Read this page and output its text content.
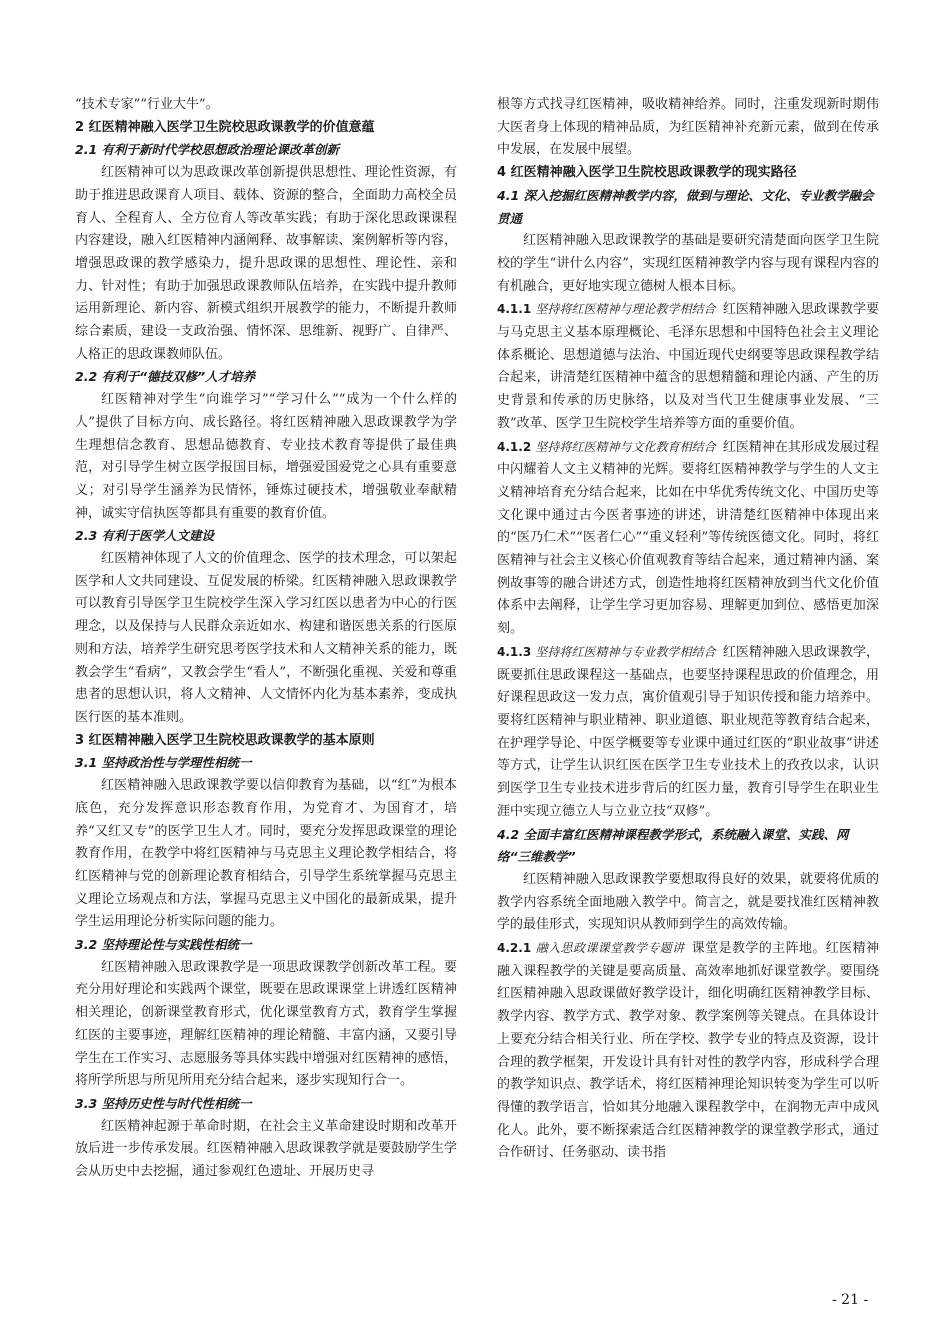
“技术专家”“行业大牛”。

2 红医精神融入医学卫生院校思政课教学的价值意蕴
2.1 有利于新时代学校思想政治理论课改革创新

红医精神可以为思政课改革创新提供思想性、理论性资源，有助于推进思政课育人项目、载体、资源的整合，全面助力高校全员育人、全程育人、全方位育人等改革实践；有助于深化思政课课程内容建设，融入红医精神内涵阐释、故事解读、案例解析等内容，增强思政课的教学感染力，提升思政课的思想性、理论性、亲和力、针对性；有助于加强思政课教师队伍培养，在实践中提升教师运用新理论、新内容、新模式组织开展教学的能力，不断提升教师综合素质，建设一支政治强、情怀深、思维新、视野广、自律严、人格正的思政课教师队伍。

2.2 有利于“德技双修”人才培养

红医精神对学生“向谁学习”“学习什么”“成为一个什么样的人”提供了目标方向、成长路径。将红医精神融入思政课教学为学生理想信念教育、思想品德教育、专业技术教育等提供了最佳典范，对引导学生树立医学报国目标，增强爱国爱党之心具有重要意义；对引导学生涵养为民情怀，锤炼过硬技术，增强敬业奉献精神，诚实守信执医等都具有重要的教育价值。

2.3 有利于医学人文建设

红医精神体现了人文的价值理念、医学的技术理念，可以架起医学和人文共同建设、互促发展的桥梁。红医精神融入思政课教学可以教育引导医学卫生院校学生深入学习红医以患者为中心的行医理念，以及保持与人民群众亲近如水、构建和谐医患关系的行医原则和方法，培养学生研究思考医学技术和人文精神关系的能力，既教会学生“看病”，又教会学生“看人”，不断强化重视、关爱和尊重患者的思想认识，将人文精神、人文情怀内化为基本素养，变成执医行医的基本准则。

3 红医精神融入医学卫生院校思政课教学的基本原则
3.1 坚持政治性与学理性相统一

红医精神融入思政课教学要以信仰教育为基础，以“红”为根本底色，充分发挥意识形态教育作用，为党育才、为国育才，培养“又红又专”的医学卫生人才。同时，要充分发挥思政课堂的理论教育作用，在教学中将红医精神与马克思主义理论教学相结合，将红医精神与党的创新理论教育相结合，引导学生系统掌握马克思主义理论立场观点和方法，掌握马克思主义中国化的最新成果，提升学生运用理论分析实际问题的能力。

3.2 坚持理论性与实践性相统一

红医精神融入思政课教学是一项思政课教学创新改革工程。要充分用好理论和实践两个课堂，既要在思政课课堂上讲透红医精神相关理论，创新课堂教育形式，优化课堂教育方式，教育学生掌握红医的主要事迹，理解红医精神的理论精髓、丰富内涵，又要引导学生在工作实习、志愿服务等具体实践中增强对红医精神的感悟，将所学所思与所见所用充分结合起来，逐步实现知行合一。

3.3 坚持历史性与时代性相统一

红医精神起源于革命时期，在社会主义革命建设时期和改革开放后进一步传承发展。红医精神融入思政课教学就是要鼓励学生学会从历史中去挖掘，通过参观红色遗址、开展历史寻

根等方式找寻红医精神，吸收精神给养。同时，注重发现新时期伟大医者身上体现的精神品质，为红医精神补充新元素，做到在传承中发展，在发展中展望。

4 红医精神融入医学卫生院校思政课教学的现实路径
4.1 深入挖掘红医精神教学内容，做到与理论、文化、专业教学融会贯通

红医精神融入思政课教学的基础是要研究清楚面向医学卫生院校的学生“讲什么内容”，实现红医精神教学内容与现有课程内容的有机融合，更好地实现立德树人根本目标。

4.1.1 坚持将红医精神与理论教学相结合 红医精神融入思政课教学要与马克思主义基本原理概论、毛泽东思想和中国特色社会主义理论体系概论、思想道德与法治、中国近现代史纲要等思政课程教学结合起来，讲清楚红医精神中蕴含的思想精髓和理论内涵、产生的历史背景和传承的历史脉络，以及对当代卫生健康事业发展、“三教”改革、医学卫生院校学生培养等方面的重要价值。

4.1.2 坚持将红医精神与文化教育相结合 红医精神在其形成发展过程中闪耀着人文主义精神的光辉。要将红医精神教学与学生的人文主义精神培育充分结合起来，比如在中华优秀传统文化、中国历史等文化课中通过古今医者事迹的讲述，讲清楚红医精神中体现出来的“医乃仁术”“医者仁心”“重义轻利”等传统医德文化。同时，将红医精神与社会主义核心价值观教育等结合起来，通过精神内涵、案例故事等的融合讲述方式，创造性地将红医精神放到当代文化价值体系中去阐释，让学生学习更加容易、理解更加到位、感悟更加深刻。

4.1.3 坚持将红医精神与专业教学相结合 红医精神融入思政课教学，既要抓住思政课程这一基础点，也要坚持课程思政的价值理念，用好课程思政这一发力点，寓价值观引导于知识传授和能力培养中。要将红医精神与职业精神、职业道德、职业规范等教育结合起来，在护理学导论、中医学概要等专业课中通过红医的“职业故事”讲述等方式，让学生认识红医在医学卫生专业技术上的孜孜以求，认识到医学卫生专业技术进步背后的红医力量，教育引导学生在职业生涯中实现立德立人与立业立技“双修”。

4.2 全面丰富红医精神课程教学形式，系统融入课堂、实践、网络“三维教学”

红医精神融入思政课教学要想取得良好的效果，就要将优质的教学内容系统全面地融入教学中。简言之，就是要找准红医精神教学的最佳形式，实现知识从教师到学生的高效传输。

4.2.1 融入思政课课堂教学专题讲 课堂是教学的主阵地。红医精神融入课程教学的关键是要高质量、高效率地抓好课堂教学。要围绕红医精神融入思政课做好教学设计，细化明确红医精神教学目标、教学内容、教学方式、教学对象、教学案例等关键点。在具体设计上要充分结合相关行业、所在学校、教学专业的特点及资源，设计合理的教学框架，开发设计具有针对性的教学内容，形成科学合理的教学知识点、教学话术，将红医精神理论知识转变为学生可以听得懂的教学语言，恰如其分地融入课程教学中，在润物无声中成风化人。此外，要不断探索适合红医精神教学的课堂教学形式，通过合作研讨、任务驱动、读书指

- 21 -
